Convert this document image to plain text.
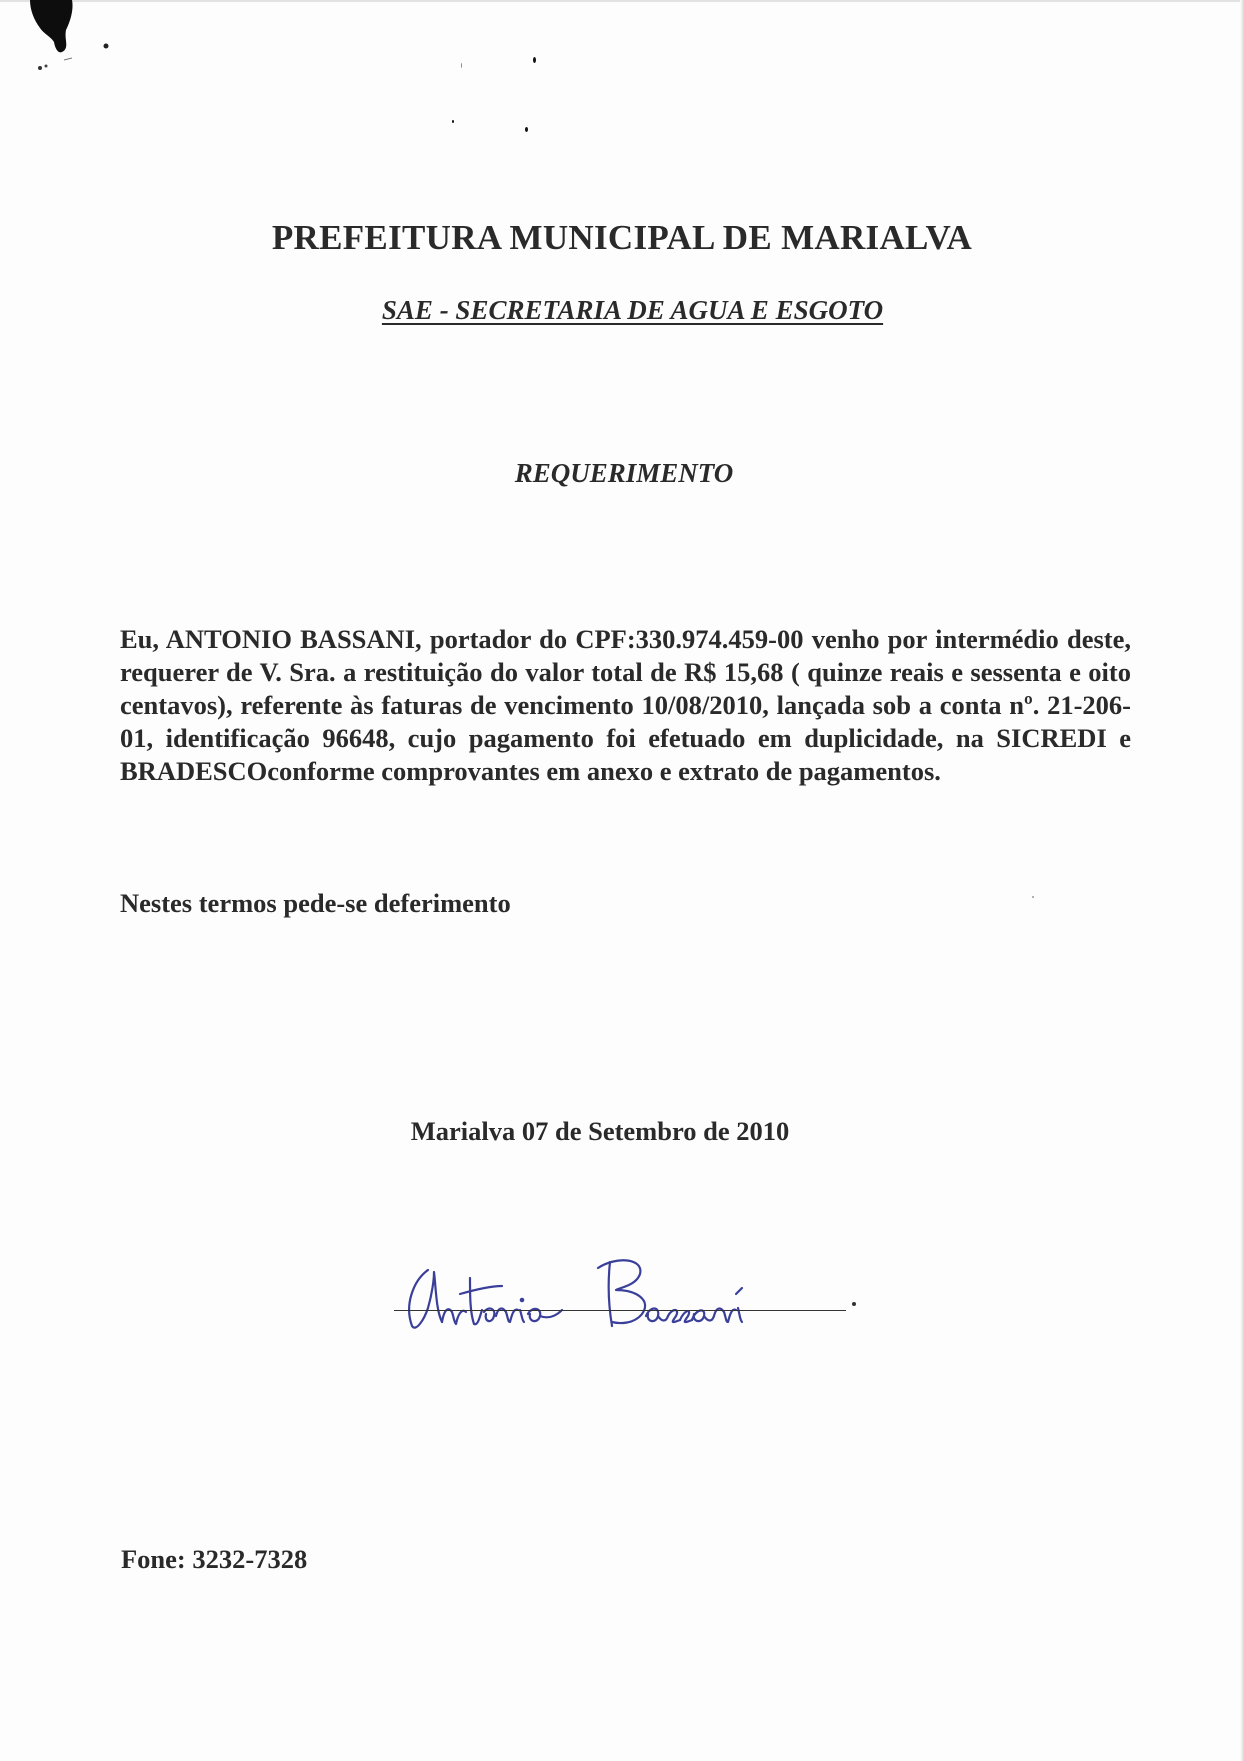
PREFEITURA MUNICIPAL DE MARIALVA
SAE - SECRETARIA DE AGUA E ESGOTO
REQUERIMENTO

Eu, ANTONIO BASSANI, portador do CPF:330.974.459-00 venho por intermédio deste, requerer de V. Sra. a restituição do valor total de R$ 15,68 ( quinze reais e sessenta e oito centavos), referente às faturas de vencimento 10/08/2010, lançada sob a conta nº. 21-206-01, identificação 96648, cujo pagamento foi efetuado em duplicidade, na SICREDI e BRADESCOconforme comprovantes em anexo e extrato de pagamentos.

Nestes termos pede-se deferimento
Marialva 07 de Setembro de 2010
Fone: 3232-7328
